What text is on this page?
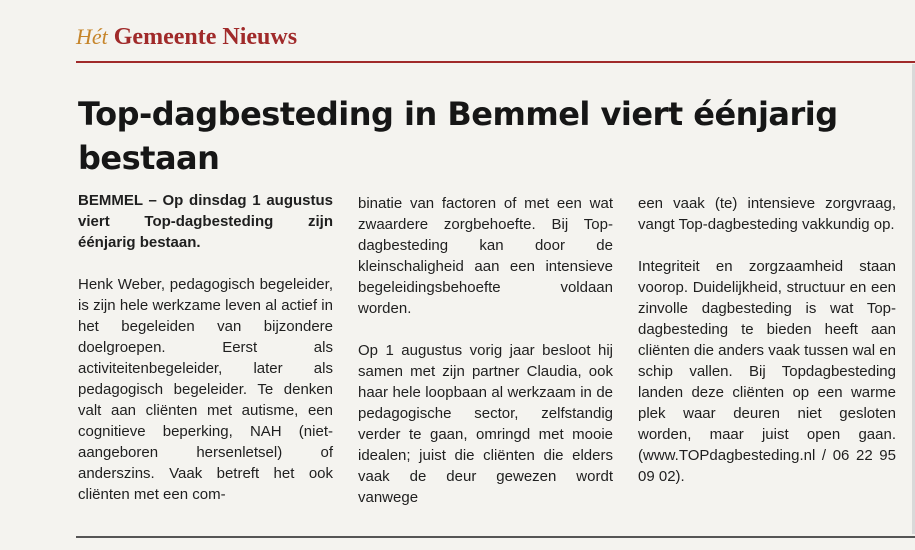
Hét Gemeente Nieuws
Top-dagbesteding in Bemmel viert éénjarig bestaan

BEMMEL – Op dinsdag 1 augustus viert Top-dagbesteding zijn éénjarig bestaan.

Henk Weber, pedagogisch begeleider, is zijn hele werkzame leven al actief in het begeleiden van bijzondere doelgroepen. Eerst als activiteitenbegeleider, later als pedagogisch begeleider. Te denken valt aan cliënten met autisme, een cognitieve beperking, NAH (niet-aangeboren hersenletsel) of anderszins. Vaak betreft het ook cliënten met een com-

binatie van factoren of met een wat zwaardere zorgbehoefte. Bij Top-dagbesteding kan door de kleinschaligheid aan een intensieve begeleidingsbehoefte voldaan worden.

Op 1 augustus vorig jaar besloot hij samen met zijn partner Claudia, ook haar hele loopbaan al werkzaam in de pedagogische sector, zelfstandig verder te gaan, omringd met mooie idealen; juist die cliënten die elders vaak de deur gewezen wordt vanwege

een vaak (te) intensieve zorgvraag, vangt Top-dagbesteding vakkundig op.

Integriteit en zorgzaamheid staan voorop. Duidelijkheid, structuur en een zinvolle dagbesteding is wat Top-dagbesteding te bieden heeft aan cliënten die anders vaak tussen wal en schip vallen. Bij Topdagbesteding landen deze cliënten op een warme plek waar deuren niet gesloten worden, maar juist open gaan. (www.TOPdagbesteding.nl / 06 22 95 09 02).
